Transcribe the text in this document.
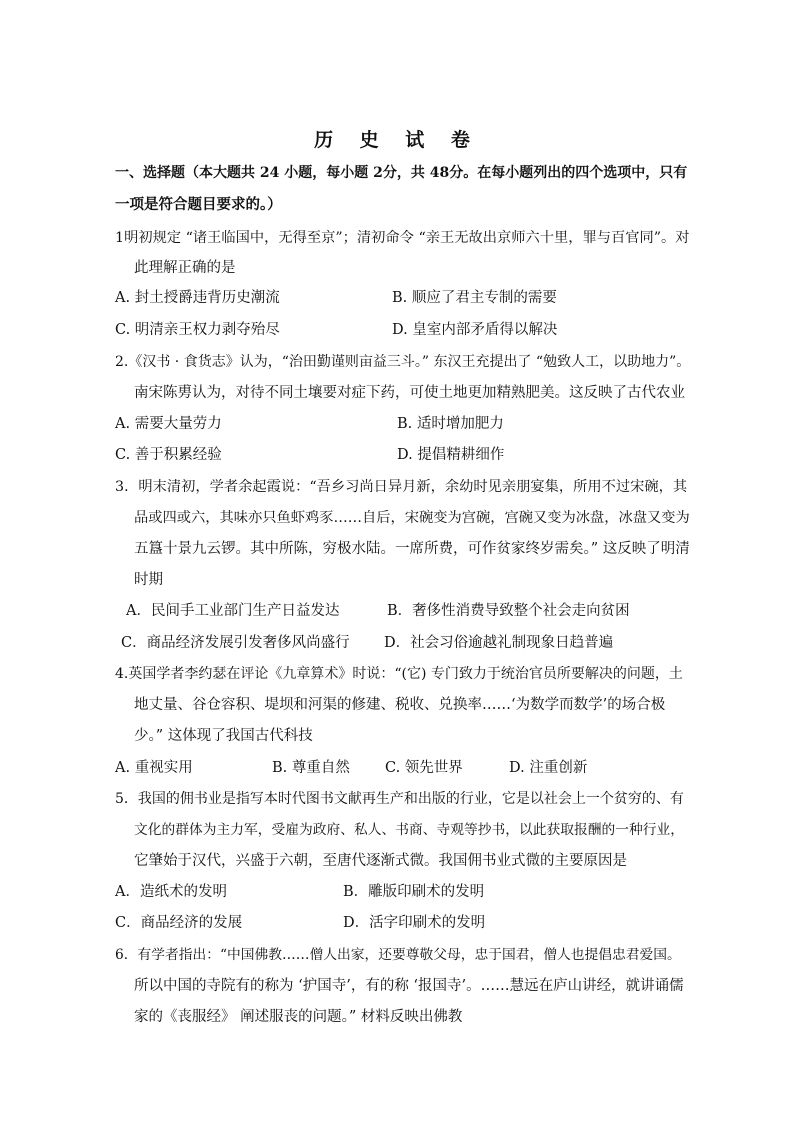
历 史 试 卷
一、选择题（本大题共 24 小题，每小题 2分，共 48分。在每小题列出的四个选项中，只有
一项是符合题目要求的。）
1明初规定 “诸王临国中，无得至京”；清初命令 “亲王无故出京师六十里，罪与百官同”。对
此理解正确的是
A. 封土授爵违背历史潮流	B. 顺应了君主专制的需要
C. 明清亲王权力剥夺殆尽	D. 皇室内部矛盾得以解决
2.《汉书 · 食货志》认为，“治田勤谨则亩益三斗。” 东汉王充提出了 “勉致人工，以助地力”。
南宋陈旉认为，对待不同土壤要对症下药，可使土地更加精熟肥美。这反映了古代农业
A. 需要大量劳力	B. 适时增加肥力
C. 善于积累经验	D. 提倡精耕细作
3．明末清初，学者余起霞说：“吾乡习尚日异月新，余幼时见亲朋宴集，所用不过宋碗，其
品或四或六，其味亦只鱼虾鸡豕……自后，宋碗变为宫碗，宫碗又变为冰盘，冰盘又变为
五簋十景九云锣。其中所陈，穷极水陆。一席所费，可作贫家终岁需矣。” 这反映了明清
时期
A．民间手工业部门生产日益发达	B．奢侈性消费导致整个社会走向贫困
C．商品经济发展引发奢侈风尚盛行 D．社会习俗逾越礼制现象日趋普遍
4.英国学者李约瑟在评论《九章算术》时说：“(它) 专门致力于统治官员所要解决的问题，土
地丈量、谷仓容积、堤坝和河渠的修建、税收、兑换率……‘为数学而数学’的场合极
少。” 这体现了我国古代科技
A. 重视实用	B. 尊重自然 C. 领先世界	D. 注重创新
5．我国的佣书业是指写本时代图书文献再生产和出版的行业，它是以社会上一个贫穷的、有
文化的群体为主力军，受雇为政府、私人、书商、寺观等抄书，以此获取报酬的一种行业，
它肇始于汉代，兴盛于六朝，至唐代逐渐式微。我国佣书业式微的主要原因是
A．造纸术的发明	B．雕版印刷术的发明
C．商品经济的发展	D．活字印刷术的发明
6．有学者指出：“中国佛教……僧人出家，还要尊敬父母，忠于国君，僧人也提倡忠君爱国。
所以中国的寺院有的称为 ‘护国寺’，有的称 ‘报国寺’。……慧远在庐山讲经，就讲诵儒
家的《丧服经》 阐述服丧的问题。” 材料反映出佛教
